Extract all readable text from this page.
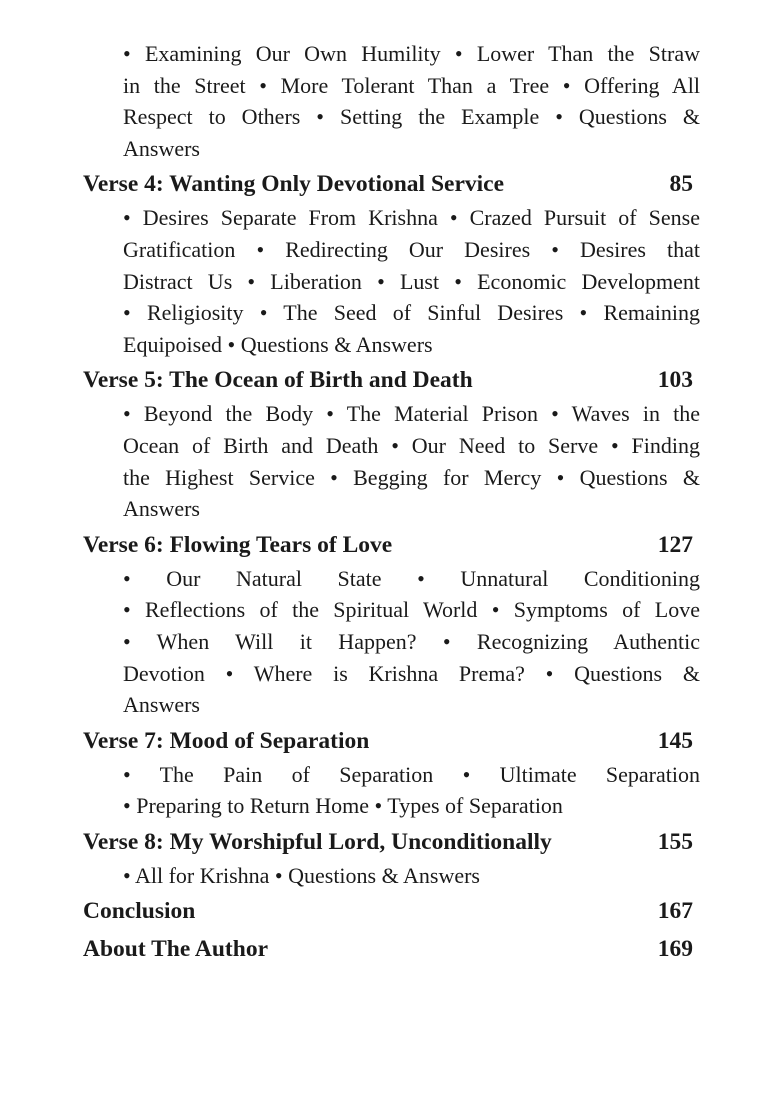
• Examining Our Own Humility • Lower Than the Straw
in the Street • More Tolerant Than a Tree • Offering All
Respect to Others • Setting the Example • Questions &
Answers
Verse 4: Wanting Only Devotional Service	85
• Desires Separate From Krishna • Crazed Pursuit of Sense
Gratification • Redirecting Our Desires • Desires that
Distract Us • Liberation • Lust • Economic Development
• Religiosity • The Seed of Sinful Desires • Remaining
Equipoised • Questions & Answers
Verse 5: The Ocean of Birth and Death	103
• Beyond the Body • The Material Prison • Waves in the
Ocean of Birth and Death • Our Need to Serve • Finding
the Highest Service • Begging for Mercy • Questions &
Answers
Verse 6: Flowing Tears of Love	127
• Our Natural State • Unnatural Conditioning
• Reflections of the Spiritual World • Symptoms of Love
• When Will it Happen? • Recognizing Authentic
Devotion • Where is Krishna Prema? • Questions &
Answers
Verse 7: Mood of Separation	145
• The Pain of Separation • Ultimate Separation
• Preparing to Return Home • Types of Separation
Verse 8: My Worshipful Lord, Unconditionally	155
• All for Krishna • Questions & Answers
Conclusion	167
About The Author	169
